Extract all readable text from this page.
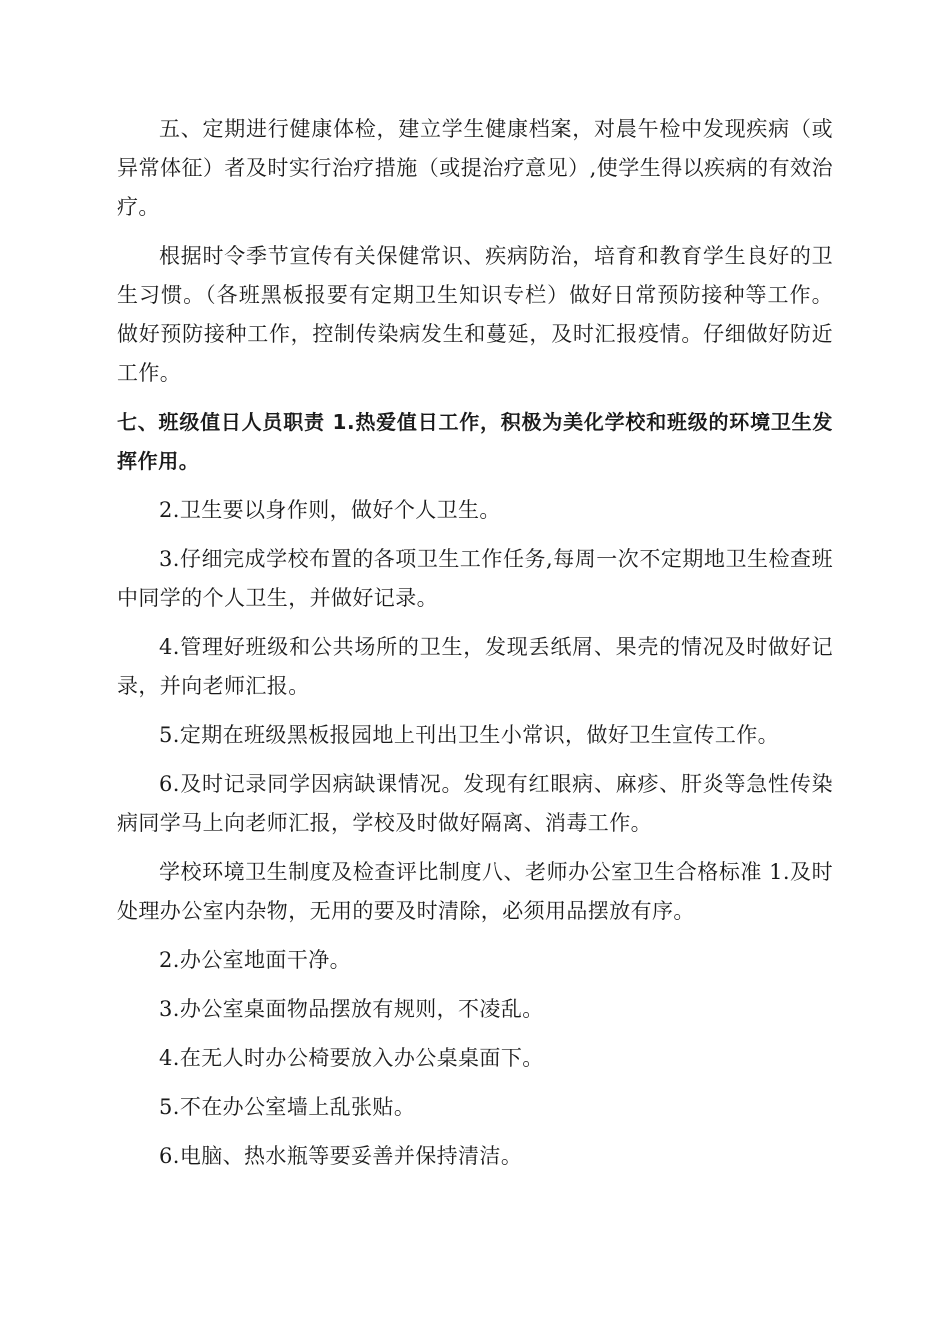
五、定期进行健康体检，建立学生健康档案，对晨午检中发现疾病（或异常体征）者及时实行治疗措施（或提治疗意见）,使学生得以疾病的有效治疗。

根据时令季节宣传有关保健常识、疾病防治，培育和教育学生良好的卫生习惯。（各班黑板报要有定期卫生知识专栏）做好日常预防接种等工作。做好预防接种工作，控制传染病发生和蔓延，及时汇报疫情。仔细做好防近工作。

七、班级值日人员职责 1.热爱值日工作，积极为美化学校和班级的环境卫生发挥作用。

2.卫生要以身作则，做好个人卫生。

3.仔细完成学校布置的各项卫生工作任务,每周一次不定期地卫生检查班中同学的个人卫生，并做好记录。

4.管理好班级和公共场所的卫生，发现丢纸屑、果壳的情况及时做好记录，并向老师汇报。

5.定期在班级黑板报园地上刊出卫生小常识，做好卫生宣传工作。

6.及时记录同学因病缺课情况。发现有红眼病、麻疹、肝炎等急性传染病同学马上向老师汇报，学校及时做好隔离、消毒工作。

学校环境卫生制度及检查评比制度八、老师办公室卫生合格标准 1.及时处理办公室内杂物，无用的要及时清除，必须用品摆放有序。

2.办公室地面干净。

3.办公室桌面物品摆放有规则，不凌乱。

4.在无人时办公椅要放入办公桌桌面下。

5.不在办公室墙上乱张贴。

6.电脑、热水瓶等要妥善并保持清洁。
